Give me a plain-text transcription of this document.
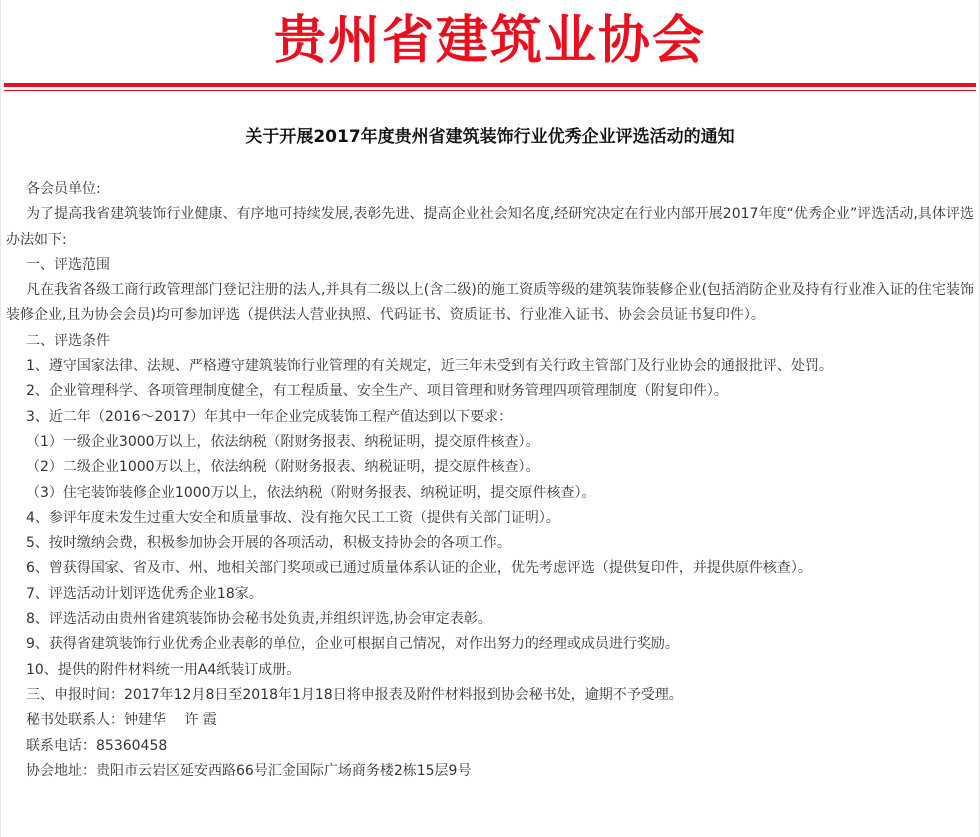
贵州省建筑业协会
关于开展2017年度贵州省建筑装饰行业优秀企业评选活动的通知
各会员单位:
为了提高我省建筑装饰行业健康、有序地可持续发展,表彰先进、提高企业社会知名度,经研究决定在行业内部开展2017年度“优秀企业”评选活动,具体评选办法如下:
一、评选范围
凡在我省各级工商行政管理部门登记注册的法人,并具有二级以上(含二级)的施工资质等级的建筑装饰装修企业(包括消防企业及持有行业准入证的住宅装饰装修企业,且为协会会员)均可参加评选（提供法人营业执照、代码证书、资质证书、行业准入证书、协会会员证书复印件）。
二、评选条件
1、遵守国家法律、法规、严格遵守建筑装饰行业管理的有关规定，近三年未受到有关行政主管部门及行业协会的通报批评、处罚。
2、企业管理科学、各项管理制度健全，有工程质量、安全生产、项目管理和财务管理四项管理制度（附复印件）。
3、近二年（2016～2017）年其中一年企业完成装饰工程产值达到以下要求：
（1）一级企业3000万以上，依法纳税（附财务报表、纳税证明，提交原件核查）。
（2）二级企业1000万以上，依法纳税（附财务报表、纳税证明，提交原件核查）。
（3）住宅装饰装修企业1000万以上，依法纳税（附财务报表、纳税证明，提交原件核查）。
4、参评年度未发生过重大安全和质量事故、没有拖欠民工工资（提供有关部门证明）。
5、按时缴纳会费，积极参加协会开展的各项活动，积极支持协会的各项工作。
6、曾获得国家、省及市、州、地相关部门奖项或已通过质量体系认证的企业，优先考虑评选（提供复印件，并提供原件核查）。
7、评选活动计划评选优秀企业18家。
8、评选活动由贵州省建筑装饰协会秘书处负责,并组织评选,协会审定表彰。
9、获得省建筑装饰行业优秀企业表彰的单位，企业可根据自己情况，对作出努力的经理或成员进行奖励。
10、提供的附件材料统一用A4纸装订成册。
三、申报时间：2017年12月8日至2018年1月18日将申报表及附件材料报到协会秘书处，逾期不予受理。
秘书处联系人：钟建华　 许 霞
联系电话：85360458
协会地址：贵阳市云岩区延安西路66号汇金国际广场商务楼2栋15层9号
